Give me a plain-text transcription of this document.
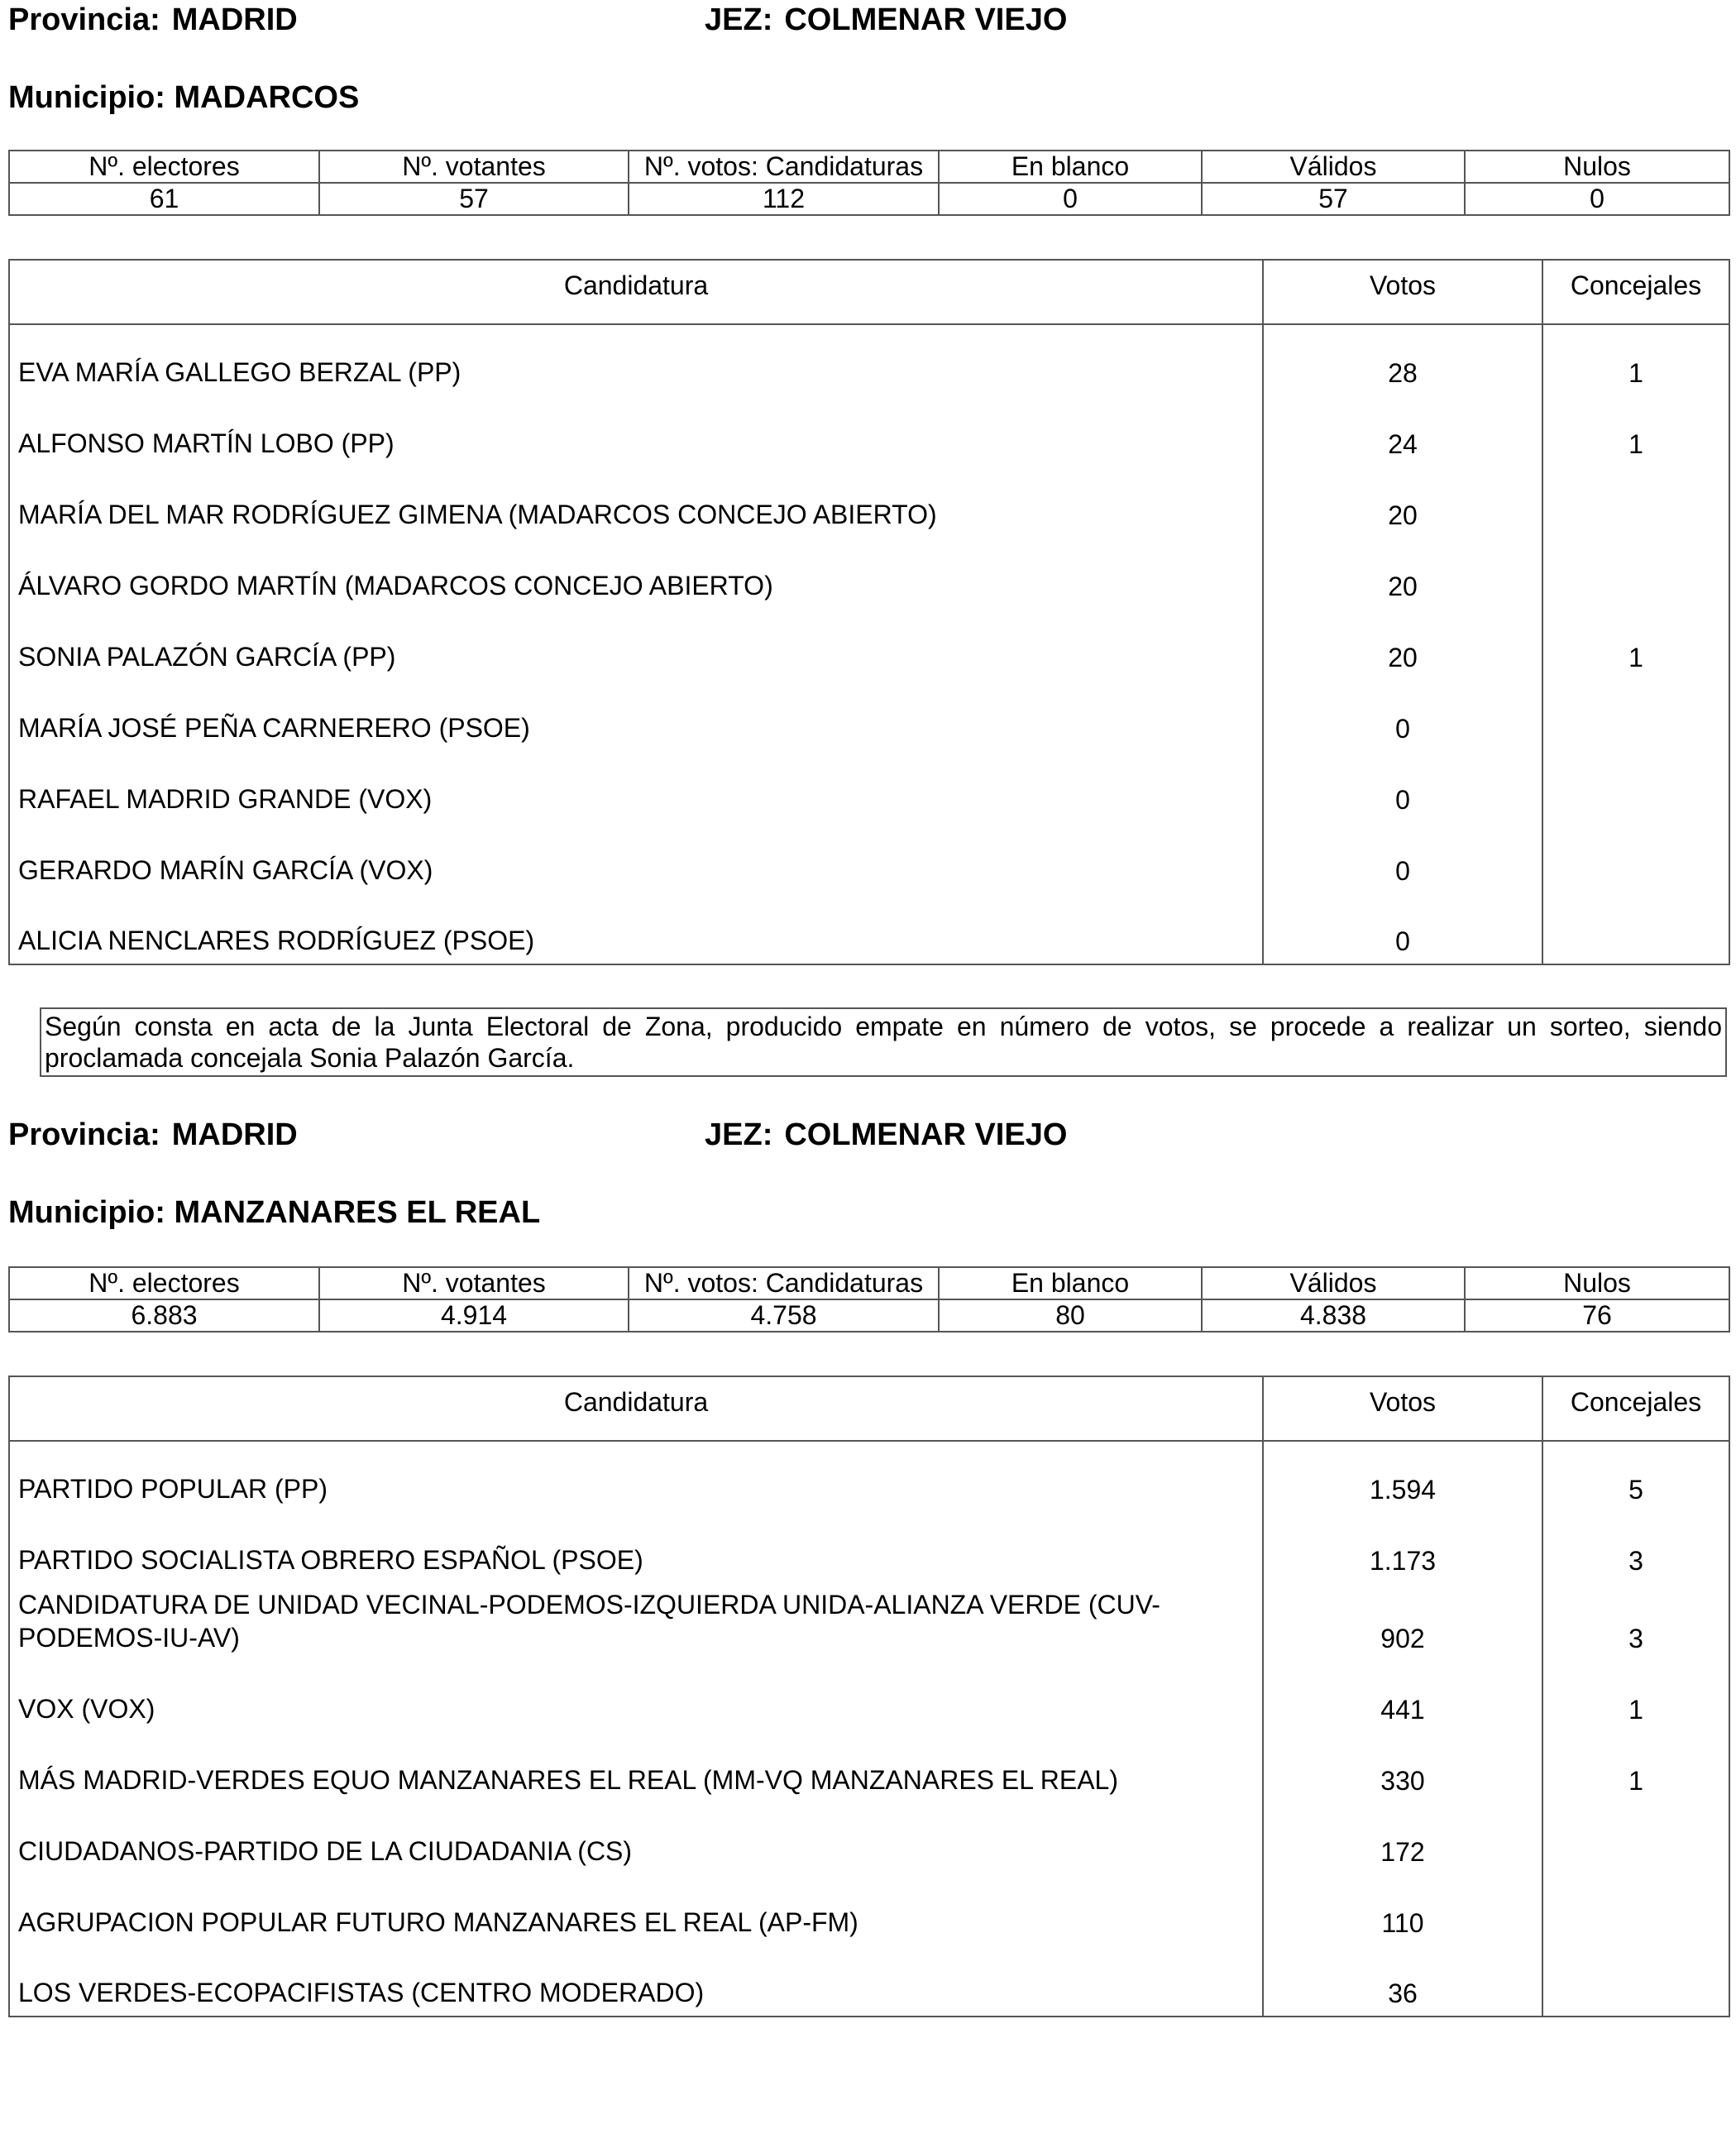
Provincia: MADRID	JEZ: COLMENAR VIEJO
Municipio: MADARCOS
Nº. electores	Nº. votantes	Nº. votos: Candidaturas	En blanco	Válidos	Nulos
61	57	112	0	57	0
Candidatura	Votos	Concejales
EVA MARÍA GALLEGO BERZAL (PP)	28	1
ALFONSO MARTÍN LOBO (PP)	24	1
MARÍA DEL MAR RODRÍGUEZ GIMENA (MADARCOS CONCEJO ABIERTO)	20	
ÁLVARO GORDO MARTÍN (MADARCOS CONCEJO ABIERTO)	20	
SONIA PALAZÓN GARCÍA (PP)	20	1
MARÍA JOSÉ PEÑA CARNERERO (PSOE)	0	
RAFAEL MADRID GRANDE (VOX)	0	
GERARDO MARÍN GARCÍA (VOX)	0	
ALICIA NENCLARES RODRÍGUEZ (PSOE)	0	
Según consta en acta de la Junta Electoral de Zona, producido empate en número de votos, se procede a realizar un sorteo, siendo proclamada concejala Sonia Palazón García.
Provincia: MADRID	JEZ: COLMENAR VIEJO
Municipio: MANZANARES EL REAL
Nº. electores	Nº. votantes	Nº. votos: Candidaturas	En blanco	Válidos	Nulos
6.883	4.914	4.758	80	4.838	76
Candidatura	Votos	Concejales
PARTIDO POPULAR (PP)	1.594	5
PARTIDO SOCIALISTA OBRERO ESPAÑOL (PSOE)	1.173	3
CANDIDATURA DE UNIDAD VECINAL-PODEMOS-IZQUIERDA UNIDA-ALIANZA VERDE (CUV-PODEMOS-IU-AV)	902	3
VOX (VOX)	441	1
MÁS MADRID-VERDES EQUO MANZANARES EL REAL (MM-VQ MANZANARES EL REAL)	330	1
CIUDADANOS-PARTIDO DE LA CIUDADANIA (CS)	172	
AGRUPACION POPULAR FUTURO MANZANARES EL REAL (AP-FM)	110	
LOS VERDES-ECOPACIFISTAS (CENTRO MODERADO)	36	
